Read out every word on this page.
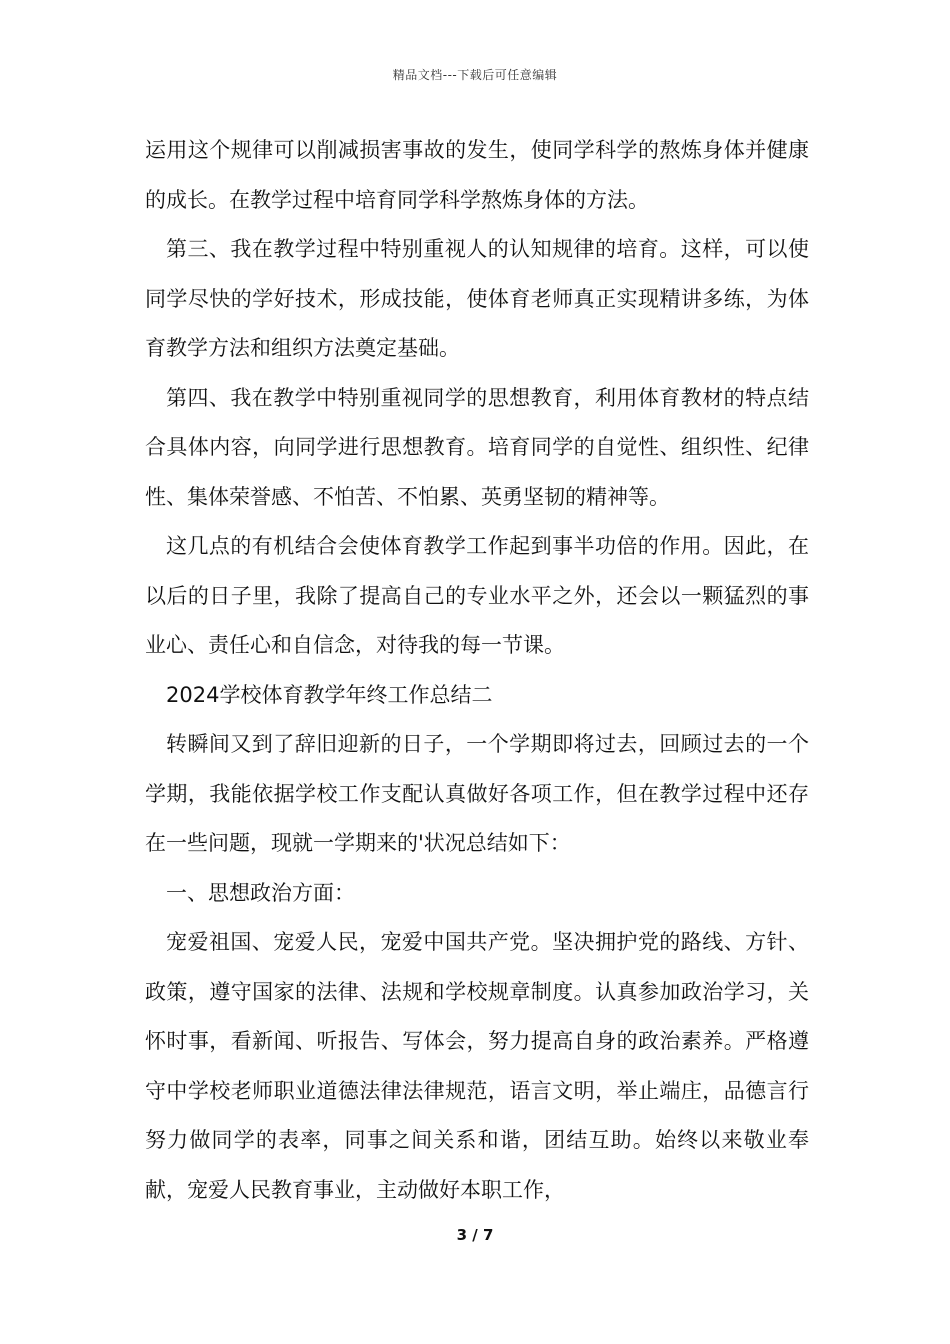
精品文档---下载后可任意编辑

运用这个规律可以削减损害事故的发生，使同学科学的熬炼身体并健康的成长。在教学过程中培育同学科学熬炼身体的方法。

第三、我在教学过程中特别重视人的认知规律的培育。这样，可以使同学尽快的学好技术，形成技能，使体育老师真正实现精讲多练，为体育教学方法和组织方法奠定基础。

第四、我在教学中特别重视同学的思想教育，利用体育教材的特点结合具体内容，向同学进行思想教育。培育同学的自觉性、组织性、纪律性、集体荣誉感、不怕苦、不怕累、英勇坚韧的精神等。

这几点的有机结合会使体育教学工作起到事半功倍的作用。因此，在以后的日子里，我除了提高自己的专业水平之外，还会以一颗猛烈的事业心、责任心和自信念，对待我的每一节课。

2024学校体育教学年终工作总结二

转瞬间又到了辞旧迎新的日子，一个学期即将过去，回顾过去的一个学期，我能依据学校工作支配认真做好各项工作，但在教学过程中还存在一些问题，现就一学期来的'状况总结如下：

一、思想政治方面：

宠爱祖国、宠爱人民，宠爱中国共产党。坚决拥护党的路线、方针、政策，遵守国家的法律、法规和学校规章制度。认真参加政治学习，关怀时事，看新闻、听报告、写体会，努力提高自身的政治素养。严格遵守中学校老师职业道德法律法律规范，语言文明，举止端庄，品德言行努力做同学的表率，同事之间关系和谐，团结互助。始终以来敬业奉献，宠爱人民教育事业，主动做好本职工作，

3 / 7
